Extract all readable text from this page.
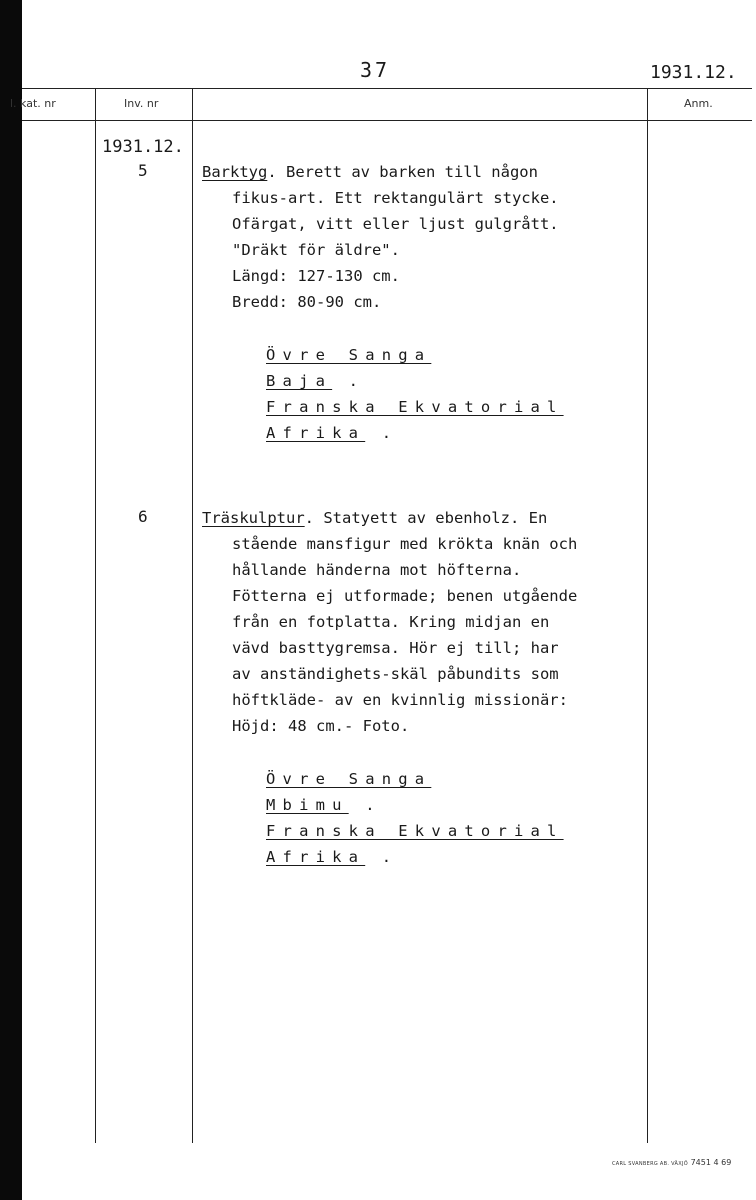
37	1931.12.
l. kat. nr	Inv. nr	Anm.
1931.12.
5	Barktyg. Berett av barken till någon
fikus-art. Ett rektangulärt stycke.
Ofärgat, vitt eller ljust gulgrått.
"Dräkt för äldre".
Längd: 127-130 cm.
Bredd: 80-90 cm.
Övre Sanga
Baja .
Franska Ekvatorial
Afrika .
6	Träskulptur. Statyett av ebenholz. En
stående mansfigur med krökta knän och
hållande händerna mot höfterna.
Fötterna ej utformade; benen utgående
från en fotplatta. Kring midjan en
vävd basttygremsa. Hör ej till; har
av anständighets-skäl påbundits som
höftkläde- av en kvinnlig missionär:
Höjd: 48 cm.- Foto.
Övre Sanga
Mbimu .
Franska Ekvatorial
Afrika .
CARL SVANBERG AB. VÄXJÖ 7451 4 69
